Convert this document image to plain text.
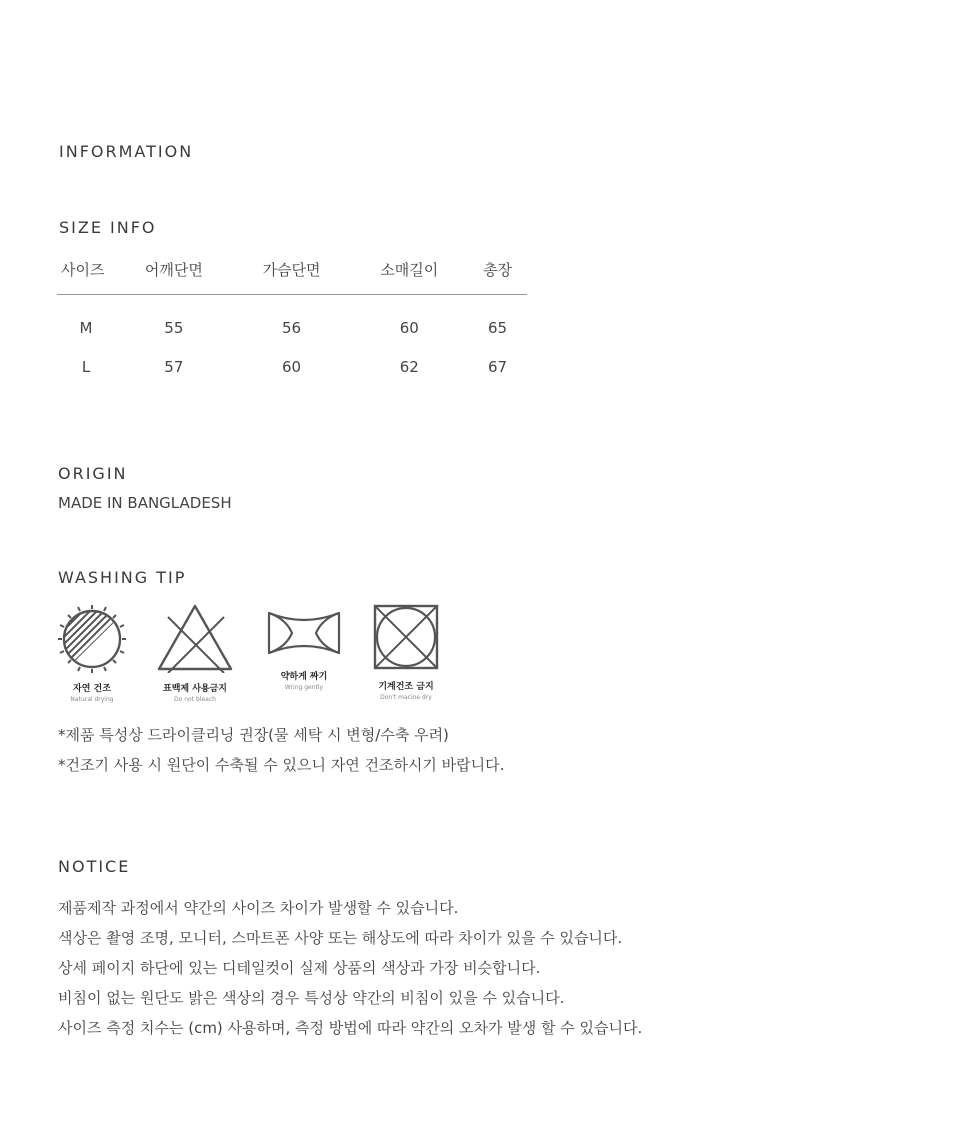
INFORMATION
SIZE INFO
사이즈	어깨단면	가슴단면	소매길이	총장
M	55	56	60	65
L	57	60	62	67
ORIGIN
MADE IN BANGLADESH
WASHING TIP
자연 건조
Natural drying
표백제 사용금지
Do not bleach
약하게 짜기
Wring gently	기계건조 금지
Don't macine dry
*제품 특성상 드라이클리닝 권장(물 세탁 시 변형/수축 우려)
*건조기 사용 시 원단이 수축될 수 있으니 자연 건조하시기 바랍니다.
NOTICE
제품제작 과정에서 약간의 사이즈 차이가 발생할 수 있습니다.
색상은 촬영 조명, 모니터, 스마트폰 사양 또는 해상도에 따라 차이가 있을 수 있습니다.
상세 페이지 하단에 있는 디테일컷이 실제 상품의 색상과 가장 비슷합니다.
비침이 없는 원단도 밝은 색상의 경우 특성상 약간의 비침이 있을 수 있습니다.
사이즈 측정 치수는 (cm) 사용하며, 측정 방법에 따라 약간의 오차가 발생 할 수 있습니다.
